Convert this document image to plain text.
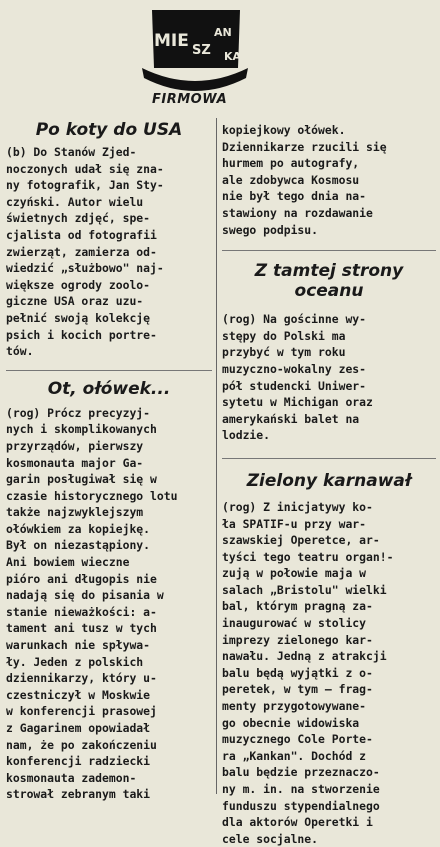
MIE SZ
AN
KA
FIRMOWA
Po koty do USA
(b) Do Stanów Zjed-
noczonych udał się zna-
ny fotografik, Jan Sty-
czyński. Autor wielu
świetnych zdjęć, spe-
cjalista od fotografii
zwierząt, zamierza od-
wiedzić „służbowo" naj-
większe ogrody zoolo-
giczne USA oraz uzu-
pełnić swoją kolekcję
psich i kocich portre-
tów.
Ot, ołówek...
(rog) Prócz precyzyj-
nych i skomplikowanych
przyrządów, pierwszy
kosmonauta major Ga-
garin posługiwał się w
czasie historycznego lotu
także najzwyklejszym
ołówkiem za kopiejkę.
Był on niezastąpiony.
Ani bowiem wieczne
pióro ani długopis nie
nadają się do pisania w
stanie nieważkości: a-
tament ani tusz w tych
warunkach nie spływa-
ły. Jeden z polskich
dziennikarzy, który u-
czestniczył w Moskwie
w konferencji prasowej
z Gagarinem opowiadał
nam, że po zakończeniu
konferencji radziecki
kosmonauta zademon-
strował zebranym taki
kopiejkowy ołówek.
Dziennikarze rzucili się
hurmem po autografy,
ale zdobywca Kosmosu
nie był tego dnia na-
stawiony na rozdawanie
swego podpisu.
Z tamtej strony
oceanu
(rog) Na gościnne wy-
stępy do Polski ma
przybyć w tym roku
muzyczno-wokalny zes-
pół studencki Uniwer-
sytetu w Michigan oraz
amerykański balet na
lodzie.
Zielony karnawał
(rog) Z inicjatywy ko-
ła SPATIF-u przy war-
szawskiej Operetce, ar-
tyści tego teatru organ!-
zują w połowie maja w
salach „Bristolu" wielki
bal, którym pragną za-
inaugurować w stolicy
imprezy zielonego kar-
nawału. Jedną z atrakcji
balu będą wyjątki z o-
peretek, w tym — frag-
menty przygotowywane-
go obecnie widowiska
muzycznego Cole Porte-
ra „Kankan". Dochód z
balu będzie przeznaczo-
ny m. in. na stworzenie
funduszu stypendialnego
dla aktorów Operetki i
cele socjalne.
